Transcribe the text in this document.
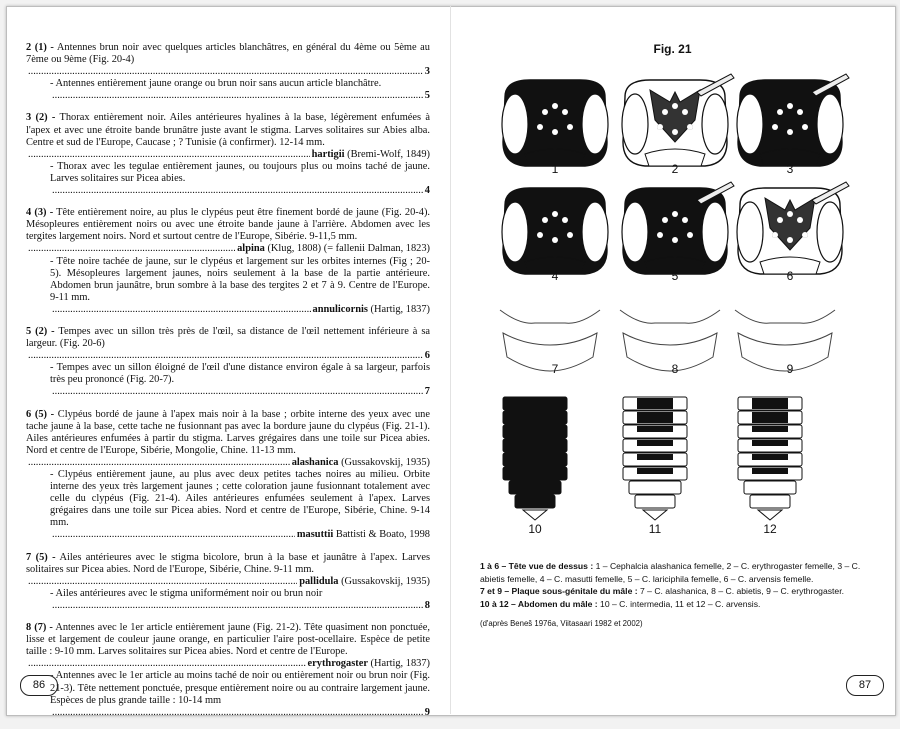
2 (1) - Antennes brun noir avec quelques articles blanchâtres, en général du 4ème ou 5ème au 7ème ou 9ème (Fig. 20-4)
.....
3
- Antennes entièrement jaune orange ou brun noir sans aucun article blanchâtre.
.....
5
3 (2) - Thorax entièrement noir. Ailes antérieures hyalines à la base, légèrement enfumées à l'apex et avec une étroite bande brunâtre juste avant le stigma. Larves solitaires sur Abies alba. Centre et sud de l'Europe, Caucase ; ? Tunisie (à confirmer). 12-14 mm.
.....
hartigii
(Bremi-Wolf, 1849)
- Thorax avec les tegulae entièrement jaunes, ou toujours plus ou moins taché de jaune. Larves solitaires sur Picea abies.
.....
4
4 (3) - Tête entièrement noire, au plus le clypéus peut être finement bordé de jaune (Fig. 20-4). Mésopleures entièrement noirs ou avec une étroite bande jaune à l'arrière. Abdomen avec les tergites largement noirs. Nord et surtout centre de l'Europe, Sibérie. 9-11,5 mm.
.....
alpina
(Klug, 1808) (= fallenii Dalman, 1823)
- Tête noire tachée de jaune, sur le clypéus et largement sur les orbites internes (Fig ; 20-5). Mésopleures largement jaunes, noirs seulement à la base de la partie antérieure. Abdomen brun jaunâtre, brun sombre à la base des tergites 2 et 7 à 9. Centre de l'Europe. 9-11 mm.
.....
annulicornis
(Hartig, 1837)
5 (2) - Tempes avec un sillon très près de l'œil, sa distance de l'œil nettement inférieure à sa largeur. (Fig. 20-6)
.....
6
- Tempes avec un sillon éloigné de l'œil d'une distance environ égale à sa largeur, parfois très peu prononcé (Fig. 20-7).
.....
7
6 (5) - Clypéus bordé de jaune à l'apex mais noir à la base ; orbite interne des yeux avec une tache jaune à la base, cette tache ne fusionnant pas avec la bordure jaune du clypéus (Fig. 21-1). Ailes antérieures enfumées à partir du stigma. Larves grégaires dans une toile sur Picea abies. Nord et centre de l'Europe, Sibérie, Mongolie, Chine. 11-13 mm.
.....
alashanica
(Gussakovskij, 1935)
- Clypéus entièrement jaune, au plus avec deux petites taches noires au milieu. Orbite interne des yeux très largement jaunes ; cette coloration jaune fusionnant totalement avec celle du clypéus (Fig. 21-4). Ailes antérieures enfumées seulement à l'apex. Larves grégaires dans une toile sur Picea abies. Nord et centre de l'Europe, Sibérie, Chine. 9-14 mm.
.....
masuttii
Battisti & Boato, 1998
7 (5) - Ailes antérieures avec le stigma bicolore, brun à la base et jaunâtre à l'apex. Larves solitaires sur Picea abies. Nord de l'Europe, Sibérie, Chine. 9-11 mm.
.....
pallidula
(Gussakovskij, 1935)
- Ailes antérieures avec le stigma uniformément noir ou brun noir
.....
8
8 (7) - Antennes avec le 1er article entièrement jaune (Fig. 21-2). Tête quasiment non ponctuée, lisse et largement de couleur jaune orange, en particulier l'aire post-ocellaire. Espèce de petite taille : 9-10 mm. Larves solitaires sur Picea abies. Nord et centre de l'Europe.
.....
erythrogaster
(Hartig, 1837)
- Antennes avec le 1er article au moins taché de noir ou entièrement noir ou brun noir (Fig. 21-3). Tête nettement ponctuée, presque entièrement noire ou au contraire largement jaune. Espèces de plus grande taille : 10-14 mm
.....
9
86	87
Fig. 21
1	2	3
4	5	6
7	8	9
10	11	12

1 à 6 – Tête vue de dessus : 1 – Cephalcia alashanica femelle, 2 – C. erythrogaster femelle, 3 – C. abietis femelle, 4 – C. masutti femelle, 5 – C. lariciphila femelle, 6 – C. arvensis femelle.

7 et 9 – Plaque sous-génitale du mâle : 7 – C. alashanica, 8 – C. abietis, 9 – C. erythrogaster.

10 à 12 – Abdomen du mâle : 10 – C. intermedia, 11 et 12 – C. arvensis.

(d'après Beneš 1976a, Viitasaari 1982 et 2002)
